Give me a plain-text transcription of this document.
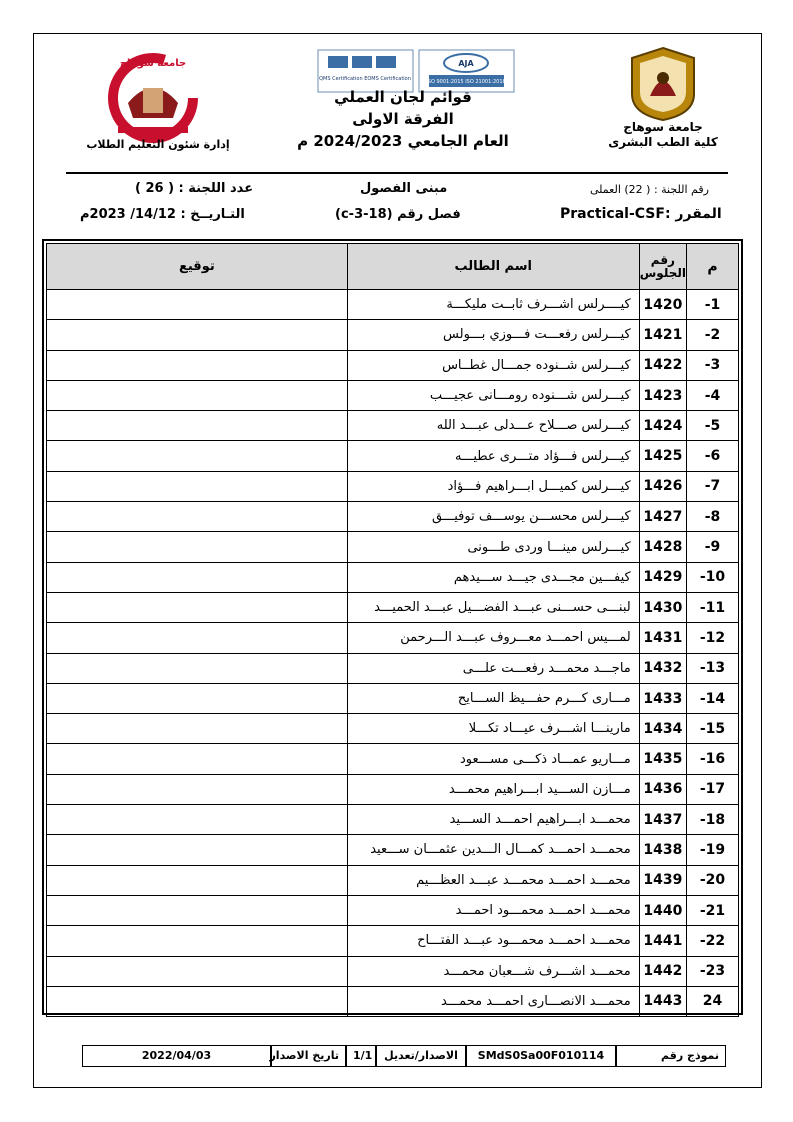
جامعة سوهاج
إدارة شئون التعليم الطلاب
QMS Certification EOMS Certification
AJA
ISO 9001:2015 ISO 21001:2018
قوائم لجان العملي
الفرقة الاولى
العام الجامعي 2024/2023 م
جامعة سوهاج
كلية الطب البشرى
رقم اللجنة : ( 22) العملى
مبنى الفصول
عدد اللجنة : ( 26 )
المقرر :Practical-CSF
فصل رقم (18-3-c)
التـاريــخ : 14/12/ 2023م
م	رقم الجلوس	اسم الطالب	توقيع
-1	1420	كيــــرلس اشـــرف ثابــت مليكـــة	
-2	1421	كيـــرلس رفعـــت فـــوزي بـــولس	
-3	1422	كيـــرلس شــنوده جمـــال غطــاس	
-4	1423	كيـــرلس شـــنوده رومـــانى عجيـــب	
-5	1424	كيـــرلس صـــلاح عـــدلى عبـــد الله	
-6	1425	كيـــرلس فـــؤاد متـــرى عطيـــه	
-7	1426	كيـــرلس كميـــل ابـــراهيم فـــؤاد	
-8	1427	كيـــرلس محســـن يوســـف توفيـــق	
-9	1428	كيـــرلس مينـــا وردى طـــونى	
-10	1429	كيفـــين مجـــدى جيـــد ســـيدهم	
-11	1430	لبنـــى حســـنى عبـــد الفضـــيل عبـــد الحميـــد	
-12	1431	لمـــيس احمـــد معـــروف عبـــد الـــرحمن	
-13	1432	ماجـــد محمـــد رفعـــت علـــى	
-14	1433	مـــارى كـــرم حفـــيظ الســـايح	
-15	1434	مارينـــا اشـــرف عيـــاد تكـــلا	
-16	1435	مـــاريو عمـــاد ذكـــى مســـعود	
-17	1436	مـــازن الســـيد ابـــراهيم محمـــد	
-18	1437	محمـــد ابـــراهيم احمـــد الســـيد	
-19	1438	محمـــد احمـــد كمـــال الـــدين عثمـــان ســـعيد	
-20	1439	محمـــد احمـــد محمـــد عبـــد العظـــيم	
-21	1440	محمـــد احمـــد محمـــود احمـــد	
-22	1441	محمـــد احمـــد محمـــود عبـــد الفتـــاح	
-23	1442	محمـــد اشـــرف شـــعبان محمـــد	
24	1443	محمـــد الانصـــارى احمـــد محمـــد	
نموذج رقم
SMdS0Sa00F010114
الاصدار/تعديل
1/1
تاريخ الاصدار
2022/04/03
